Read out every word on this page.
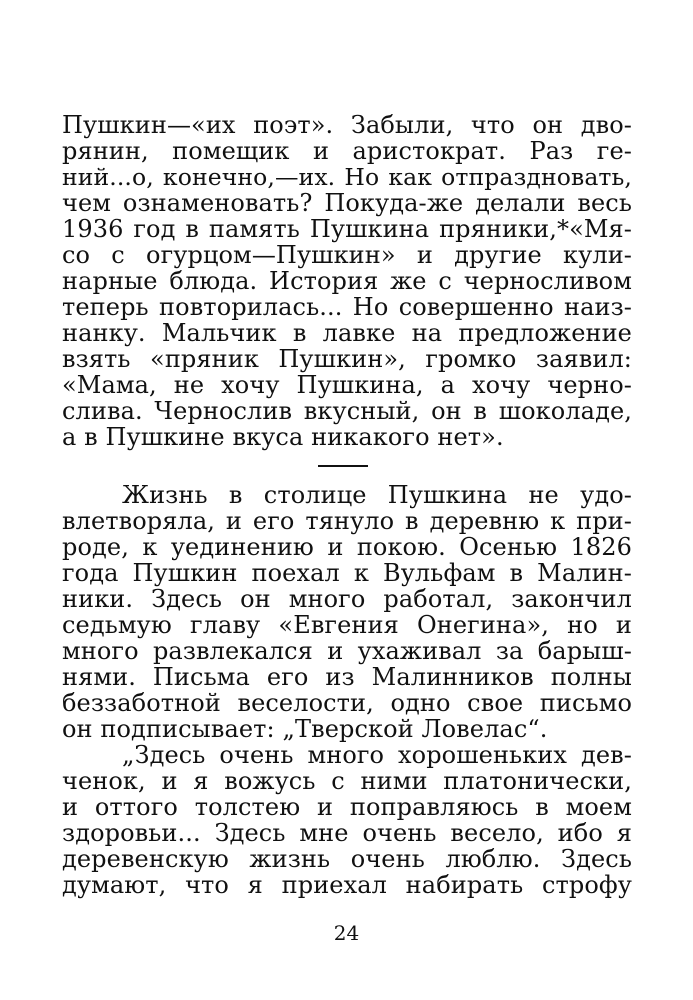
Пушкин—«их поэт». Забыли, что он дво-
рянин, помещик и аристократ. Раз ге-
ний...о, конечно,—их. Но как отпраздновать,
чем ознаменовать? Покуда-же делали весь
1936 год в память Пушкина пряники,*«Мя-
со с огурцом—Пушкин» и другие кули-
нарные блюда. История же с черносливом
теперь повторилась... Но совершенно наиз-
нанку. Мальчик в лавке на предложение
взять «пряник Пушкин», громко заявил:
«Мама, не хочу Пушкина, а хочу черно-
слива. Чернослив вкусный, он в шоколаде,
а в Пушкине вкуса никакого нет».
Жизнь в столице Пушкина не удо-
влетворяла, и его тянуло в деревню к при-
роде, к уединению и покою. Осенью 1826
года Пушкин поехал к Вульфам в Малин-
ники. Здесь он много работал, закончил
седьмую главу «Евгения Онегина», но и
много развлекался и ухаживал за барыш-
нями. Письма его из Малинников полны
беззаботной веселости, одно свое письмо
он подписывает: „Тверской Ловелас“.
„Здесь очень много хорошеньких дев-
ченок, и я вожусь с ними платонически,
и оттого толстею и поправляюсь в моем
здоровьи... Здесь мне очень весело, ибо я
деревенскую жизнь очень люблю. Здесь
думают, что я приехал набирать строфу
24
